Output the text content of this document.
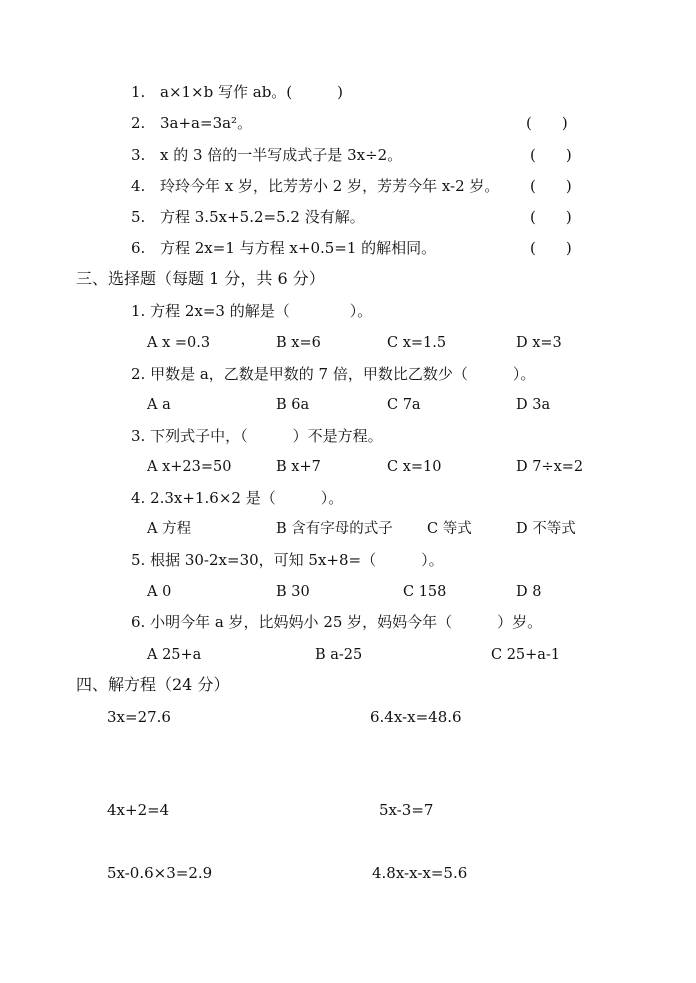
1. a×1×b 写作 ab。(　　　)
2. 3a+a=3a²。	(　　)
3. x 的 3 倍的一半写成式子是 3x÷2。	(　　)
4. 玲玲今年 x 岁，比芳芳小 2 岁，芳芳今年 x-2 岁。 (　　)
5. 方程 3.5x+5.2=5.2 没有解。	(　　)
6. 方程 2x=1 与方程 x+0.5=1 的解相同。	(　　)
三、选择题（每题 1 分，共 6 分）
1. 方程 2x=3 的解是（　　　　）。
A x =0.3	B x=6	C x=1.5	D x=3
2. 甲数是 a，乙数是甲数的 7 倍，甲数比乙数少（　　　）。
A a	B 6a	C 7a	D 3a
3. 下列式子中，（　　　）不是方程。
A x+23=50	B x+7	C x=10	D 7÷x=2
4. 2.3x+1.6×2 是（　　　）。
A 方程	B 含有字母的式子 C 等式	D 不等式
5. 根据 30-2x=30，可知 5x+8=（　　　）。
A 0	B 30	C 158	D 8
6. 小明今年 a 岁，比妈妈小 25 岁，妈妈今年（　　　）岁。
A 25+a	B a-25	C 25+a-1
四、解方程（24 分）
3x=27.6	6.4x-x=48.6
4x+2=4	5x-3=7
5x-0.6×3=2.9	4.8x-x-x=5.6
